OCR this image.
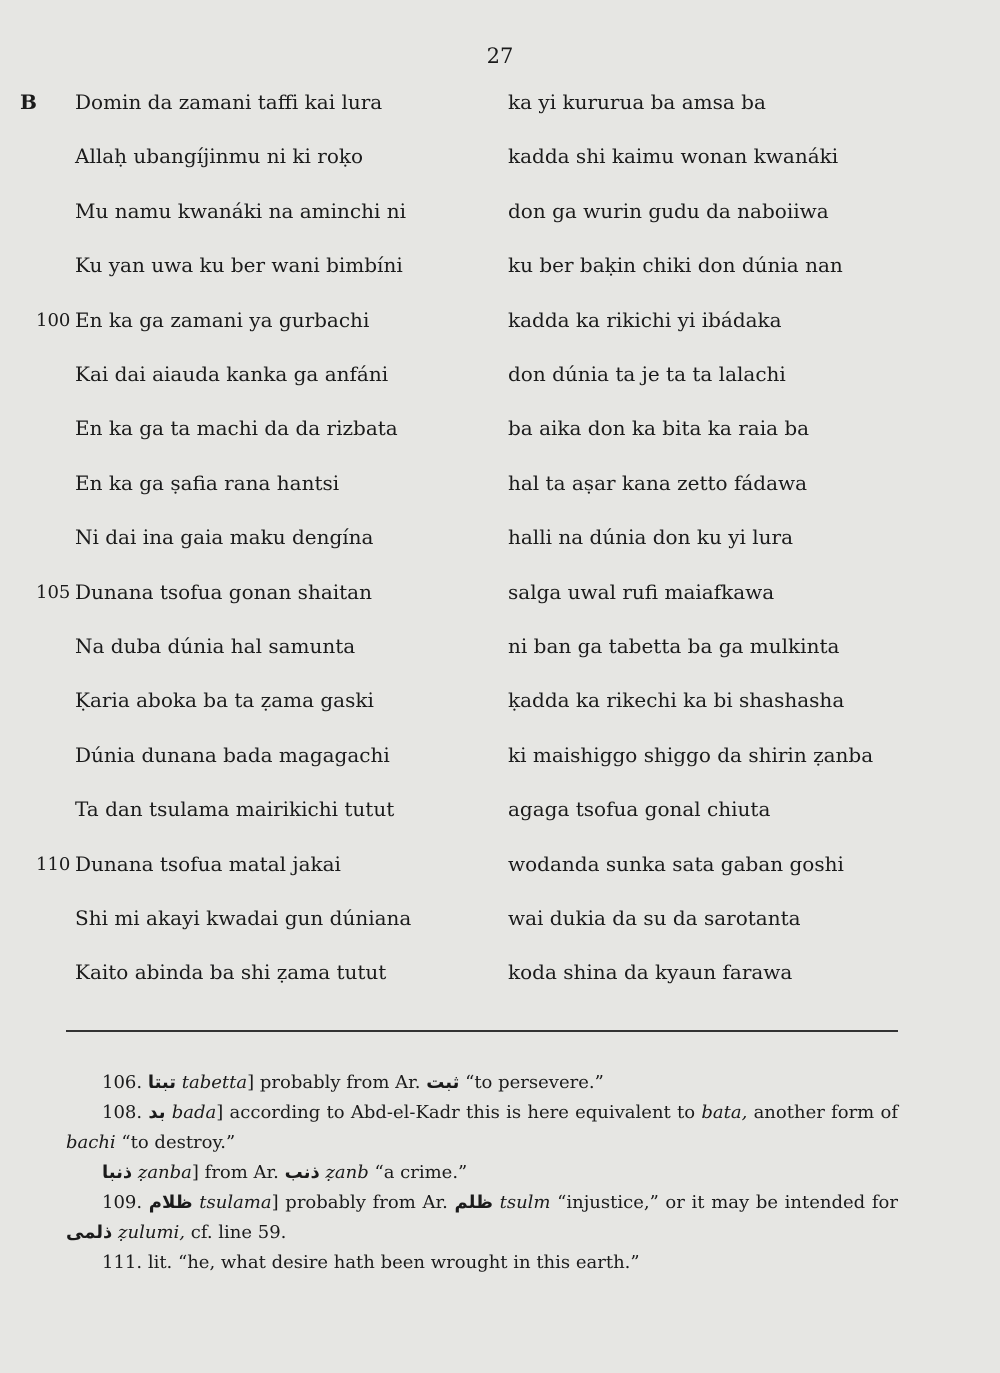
27
B Domin da zamani taffi kai lura	ka yi kururua ba amsa ba
Allaḥ ubangíjinmu ni ki roḳo	kadda shi kaimu wonan kwanáki
Mu namu kwanáki na aminchi ni	don ga wurin gudu da naboiiwa
Ku yan uwa ku ber wani bimbíni	ku ber baḳin chiki don dúnia nan
100 En ka ga zamani ya gurbachi	kadda ka rikichi yi ibádaka
Kai dai aiauda kanka ga anfáni	don dúnia ta je ta ta lalachi
En ka ga ta machi da da rizbata	ba aika don ka bita ka raia ba
En ka ga ṣafia rana hantsi	hal ta aṣar kana zetto fádawa
Ni dai ina gaia maku dengína	halli na dúnia don ku yi lura
105 Dunana tsofua gonan shaitan	salga uwal rufi maiafkawa
Na duba dúnia hal samunta	ni ban ga tabetta ba ga mulkinta
Ḳaria aboka ba ta ẓama gaski	ḳadda ka rikechi ka bi shashasha
Dúnia dunana bada magagachi	ki maishiggo shiggo da shirin ẓanba
Ta dan tsulama mairikichi tutut	agaga tsofua gonal chiuta
110 Dunana tsofua matal jakai	wodanda sunka sata gaban goshi
Shi mi akayi kwadai gun dúniana	wai dukia da su da sarotanta
Kaito abinda ba shi ẓama tutut	koda shina da kyaun farawa

106. تبتا tabetta] probably from Ar. ثبت “to persevere.”

108. بد bada] according to Abd-el-Kadr this is here equivalent to bata, another form of bachi “to destroy.”

ذنبا ẓanba] from Ar. ذنب ẓanb “a crime.”

109. ظلام tsulama] probably from Ar. ظلم tsulm “injustice,” or it may be intended for ذلمى ẓulumi, cf. line 59.

111. lit. “he, what desire hath been wrought in this earth.”
